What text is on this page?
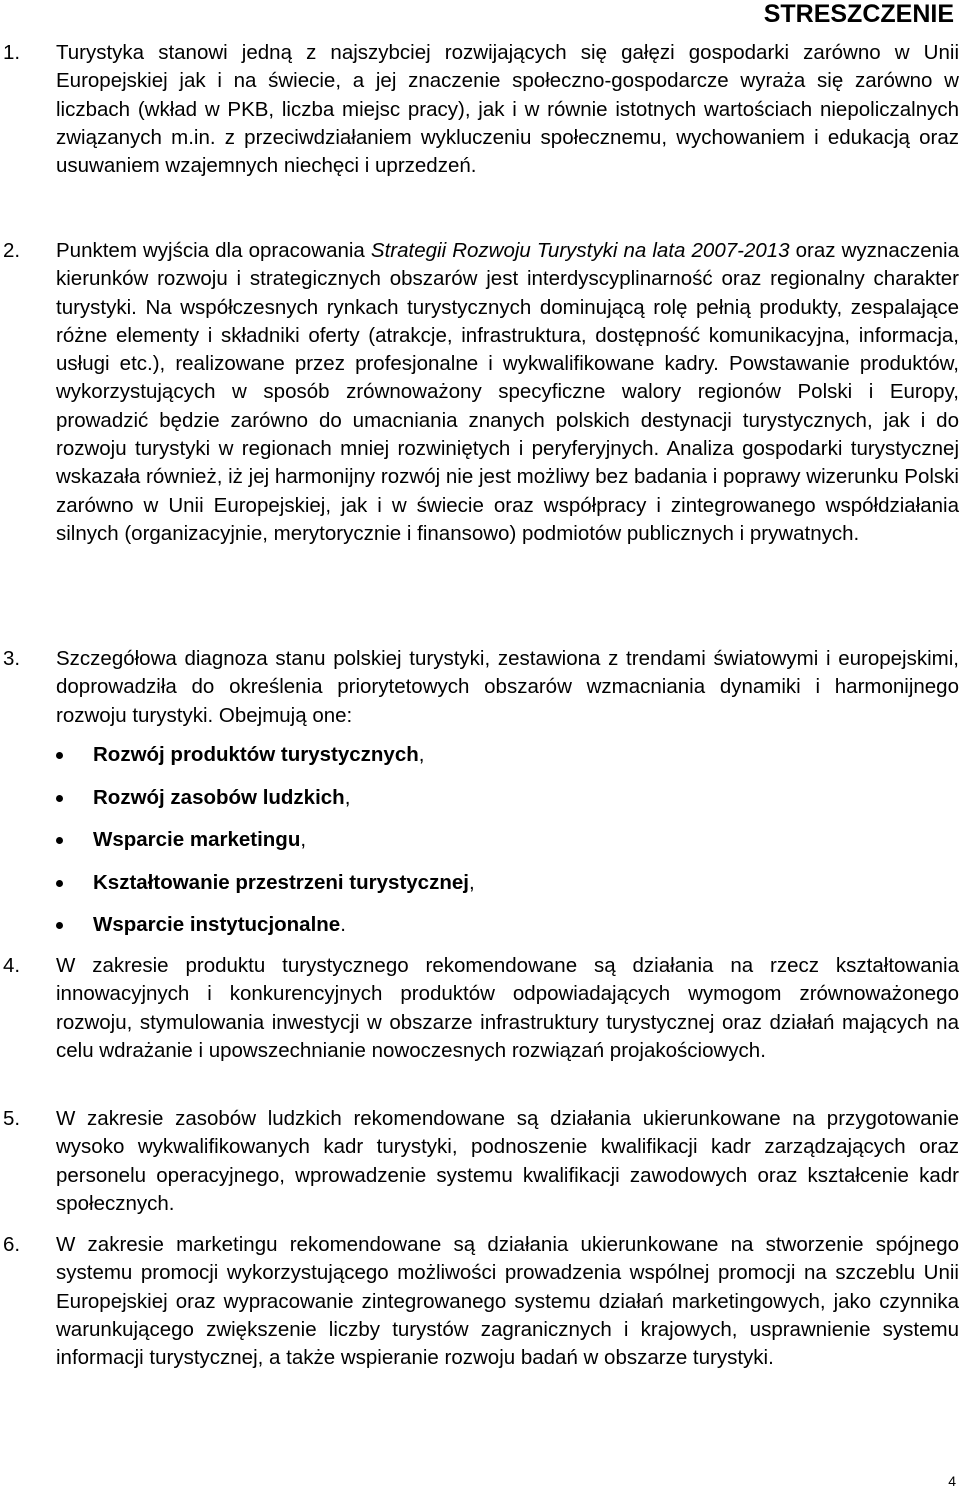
STRESZCZENIE
1. Turystyka stanowi jedną z najszybciej rozwijających się gałęzi gospodarki zarówno w Unii Europejskiej jak i na świecie, a jej znaczenie społeczno-gospodarcze wyraża się zarówno w liczbach (wkład w PKB, liczba miejsc pracy), jak i w równie istotnych wartościach niepoliczalnych związanych m.in. z przeciwdziałaniem wykluczeniu społecznemu, wychowaniem i edukacją oraz usuwaniem wzajemnych niechęci i uprzedzeń.
2. Punktem wyjścia dla opracowania Strategii Rozwoju Turystyki na lata 2007-2013 oraz wyznaczenia kierunków rozwoju i strategicznych obszarów jest interdyscyplinarność oraz regionalny charakter turystyki. Na współczesnych rynkach turystycznych dominującą rolę pełnią produkty, zespalające różne elementy i składniki oferty (atrakcje, infrastruktura, dostępność komunikacyjna, informacja, usługi etc.), realizowane przez profesjonalne i wykwalifikowane kadry. Powstawanie produktów, wykorzystujących w sposób zrównoważony specyficzne walory regionów Polski i Europy, prowadzić będzie zarówno do umacniania znanych polskich destynacji turystycznych, jak i do rozwoju turystyki w regionach mniej rozwiniętych i peryferyjnych. Analiza gospodarki turystycznej wskazała również, iż jej harmonijny rozwój nie jest możliwy bez badania i poprawy wizerunku Polski zarówno w Unii Europejskiej, jak i w świecie oraz współpracy i zintegrowanego współdziałania silnych (organizacyjnie, merytorycznie i finansowo) podmiotów publicznych i prywatnych.
3. Szczegółowa diagnoza stanu polskiej turystyki, zestawiona z trendami światowymi i europejskimi, doprowadziła do określenia priorytetowych obszarów wzmacniania dynamiki i harmonijnego rozwoju turystyki. Obejmują one:
Rozwój produktów turystycznych,
Rozwój zasobów ludzkich,
Wsparcie marketingu,
Kształtowanie przestrzeni turystycznej,
Wsparcie instytucjonalne.
4. W zakresie produktu turystycznego rekomendowane są działania na rzecz kształtowania innowacyjnych i konkurencyjnych produktów odpowiadających wymogom zrównoważonego rozwoju, stymulowania inwestycji w obszarze infrastruktury turystycznej oraz działań mających na celu wdrażanie i upowszechnianie nowoczesnych rozwiązań projakościowych.
5. W zakresie zasobów ludzkich rekomendowane są działania ukierunkowane na przygotowanie wysoko wykwalifikowanych kadr turystyki, podnoszenie kwalifikacji kadr zarządzających oraz personelu operacyjnego, wprowadzenie systemu kwalifikacji zawodowych oraz kształcenie kadr społecznych.
6. W zakresie marketingu rekomendowane są działania ukierunkowane na stworzenie spójnego systemu promocji wykorzystującego możliwości prowadzenia wspólnej promocji na szczeblu Unii Europejskiej oraz wypracowanie zintegrowanego systemu działań marketingowych, jako czynnika warunkującego zwiększenie liczby turystów zagranicznych i krajowych, usprawnienie systemu informacji turystycznej, a także wspieranie rozwoju badań w obszarze turystyki.
4
